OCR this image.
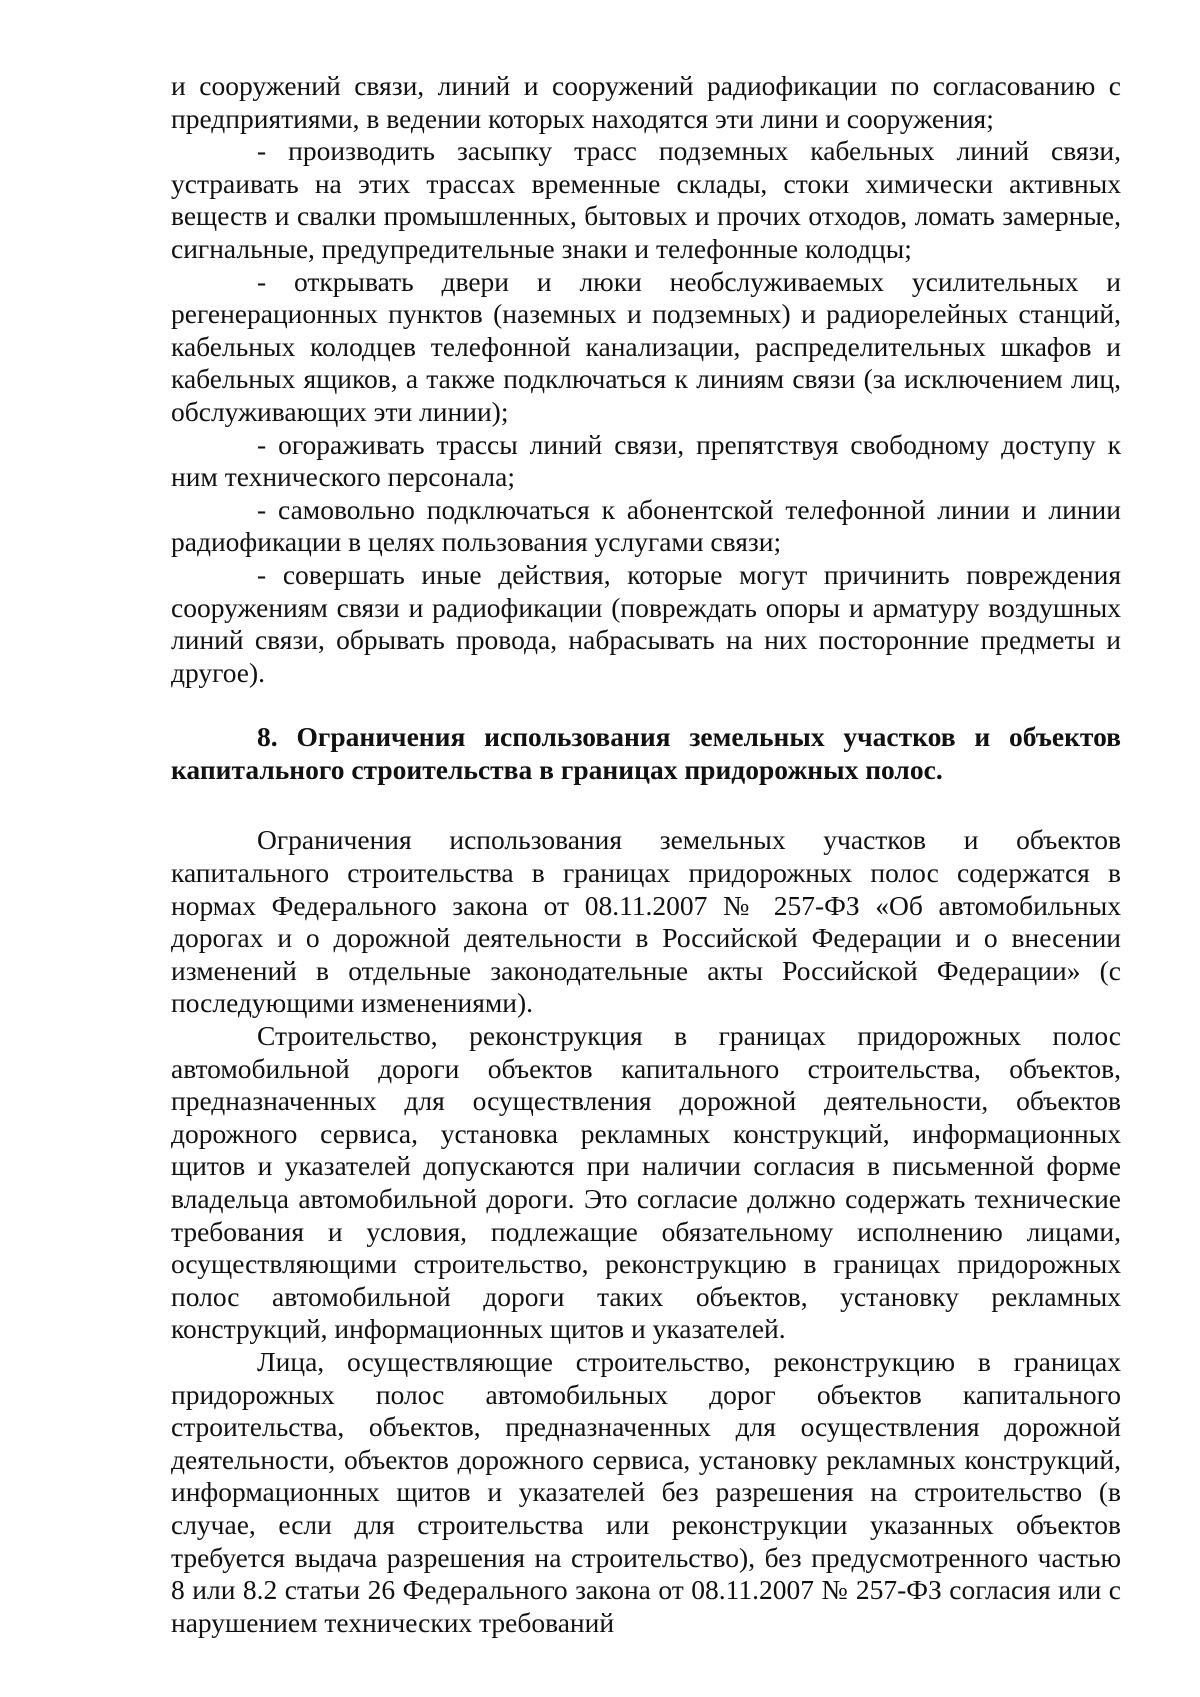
и сооружений связи, линий и сооружений радиофикации по согласованию с предприятиями, в ведении которых находятся эти лини и сооружения;

- производить засыпку трасс подземных кабельных линий связи, устраивать на этих трассах временные склады, стоки химически активных веществ и свалки промышленных, бытовых и прочих отходов, ломать замерные, сигнальные, предупредительные знаки и телефонные колодцы;

- открывать двери и люки необслуживаемых усилительных и регенерационных пунктов (наземных и подземных) и радиорелейных станций, кабельных колодцев телефонной канализации, распределительных шкафов и кабельных ящиков, а также подключаться к линиям связи (за исключением лиц, обслуживающих эти линии);

- огораживать трассы линий связи, препятствуя свободному доступу к ним технического персонала;

- самовольно подключаться к абонентской телефонной линии и линии радиофикации в целях пользования услугами связи;

- совершать иные действия, которые могут причинить повреждения сооружениям связи и радиофикации (повреждать опоры и арматуру воздушных линий связи, обрывать провода, набрасывать на них посторонние предметы и другое).

8. Ограничения использования земельных участков и объектов капитального строительства в границах придорожных полос.

Ограничения использования земельных участков и объектов капитального строительства в границах придорожных полос содержатся в нормах Федерального закона от 08.11.2007 № 257-ФЗ «Об автомобильных дорогах и о дорожной деятельности в Российской Федерации и о внесении изменений в отдельные законодательные акты Российской Федерации» (с последующими изменениями).

Строительство, реконструкция в границах придорожных полос автомобильной дороги объектов капитального строительства, объектов, предназначенных для осуществления дорожной деятельности, объектов дорожного сервиса, установка рекламных конструкций, информационных щитов и указателей допускаются при наличии согласия в письменной форме владельца автомобильной дороги. Это согласие должно содержать технические требования и условия, подлежащие обязательному исполнению лицами, осуществляющими строительство, реконструкцию в границах придорожных полос автомобильной дороги таких объектов, установку рекламных конструкций, информационных щитов и указателей.

Лица, осуществляющие строительство, реконструкцию в границах придорожных полос автомобильных дорог объектов капитального строительства, объектов, предназначенных для осуществления дорожной деятельности, объектов дорожного сервиса, установку рекламных конструкций, информационных щитов и указателей без разрешения на строительство (в случае, если для строительства или реконструкции указанных объектов требуется выдача разрешения на строительство), без предусмотренного частью 8 или 8.2 статьи 26 Федерального закона от 08.11.2007 № 257-ФЗ согласия или с нарушением технических требований
